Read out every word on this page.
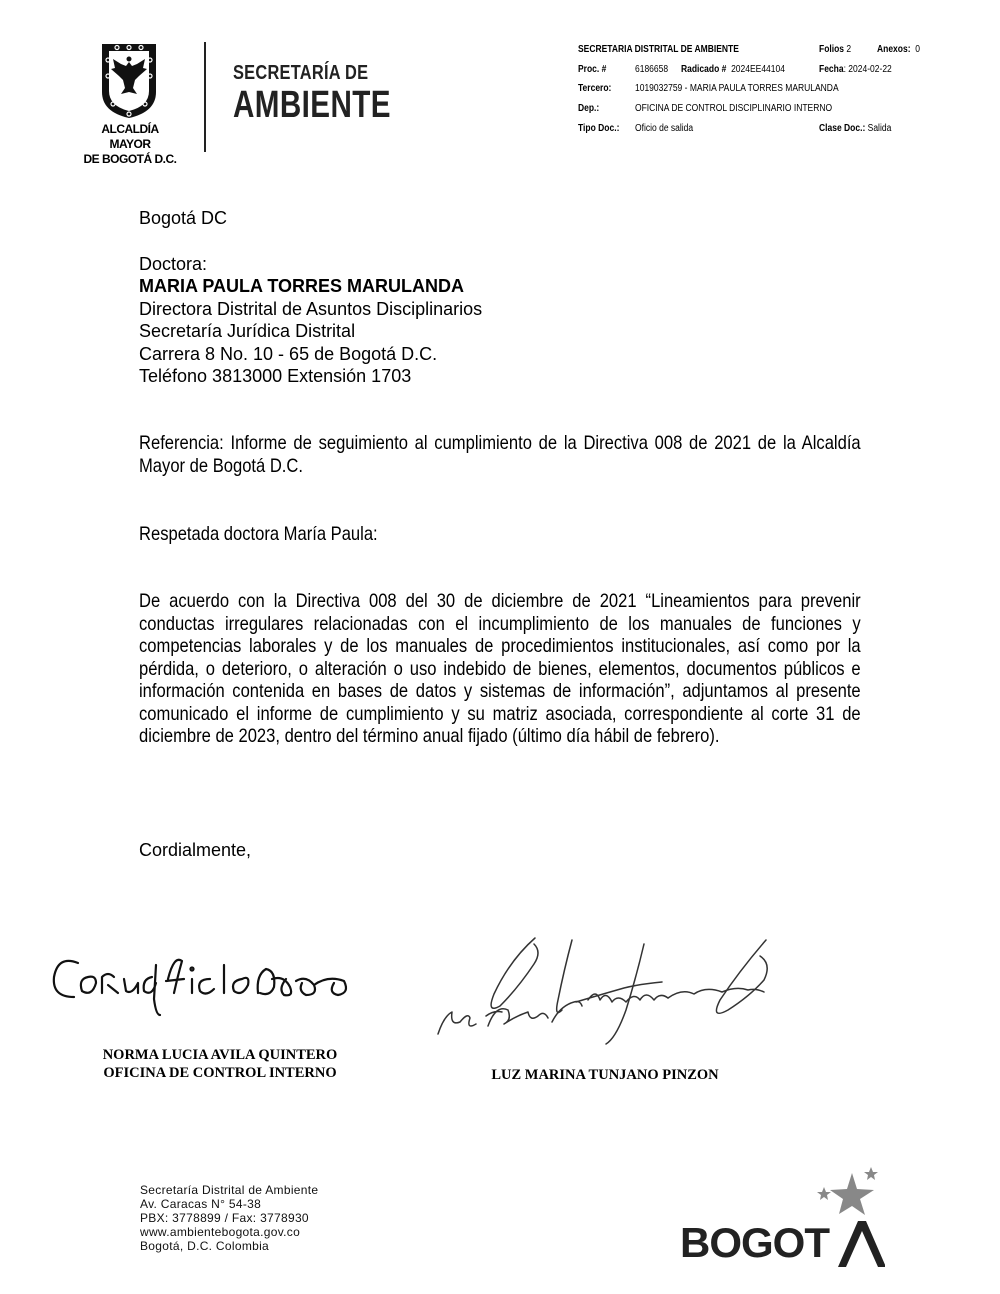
ALCALDÍA MAYOR
DE BOGOTÁ D.C.
SECRETARÍA DE
AMBIENTE
SECRETARIA DISTRITAL DE AMBIENTE	Folios 2	Anexos: 0
Proc. #	6186658 Radicado # 2024EE44104	Fecha: 2024-02-22
Tercero: 1019032759 - MARIA PAULA TORRES MARULANDA
Dep.:	OFICINA DE CONTROL DISCIPLINARIO INTERNO
Tipo Doc.: Oficio de salida	Clase Doc.: Salida
Bogotá DC
Doctora:
MARIA PAULA TORRES MARULANDA
Directora Distrital de Asuntos Disciplinarios
Secretaría Jurídica Distrital
Carrera 8 No. 10 - 65 de Bogotá D.C.
Teléfono 3813000 Extensión 1703
Referencia: Informe de seguimiento al cumplimiento de la Directiva 008 de 2021 de la Alcaldía Mayor de Bogotá D.C.
Respetada doctora María Paula:
De acuerdo con la Directiva 008 del 30 de diciembre de 2021 “Lineamientos para prevenir conductas irregulares relacionadas con el incumplimiento de los manuales de funciones y competencias laborales y de los manuales de procedimientos institucionales, así como por la pérdida, o deterioro, o alteración o uso indebido de bienes, elementos, documentos públicos e información contenida en bases de datos y sistemas de información”, adjuntamos al presente comunicado el informe de cumplimiento y su matriz asociada, correspondiente al corte 31 de diciembre de 2023, dentro del término anual fijado (último día hábil de febrero).
Cordialmente,
NORMA LUCIA AVILA QUINTERO
OFICINA DE CONTROL INTERNO	LUZ MARINA TUNJANO PINZON
Secretaría Distrital de Ambiente
Av. Caracas N° 54-38
PBX: 3778899 / Fax: 3778930
www.ambientebogota.gov.co
Bogotá, D.C. Colombia	BOGOT
